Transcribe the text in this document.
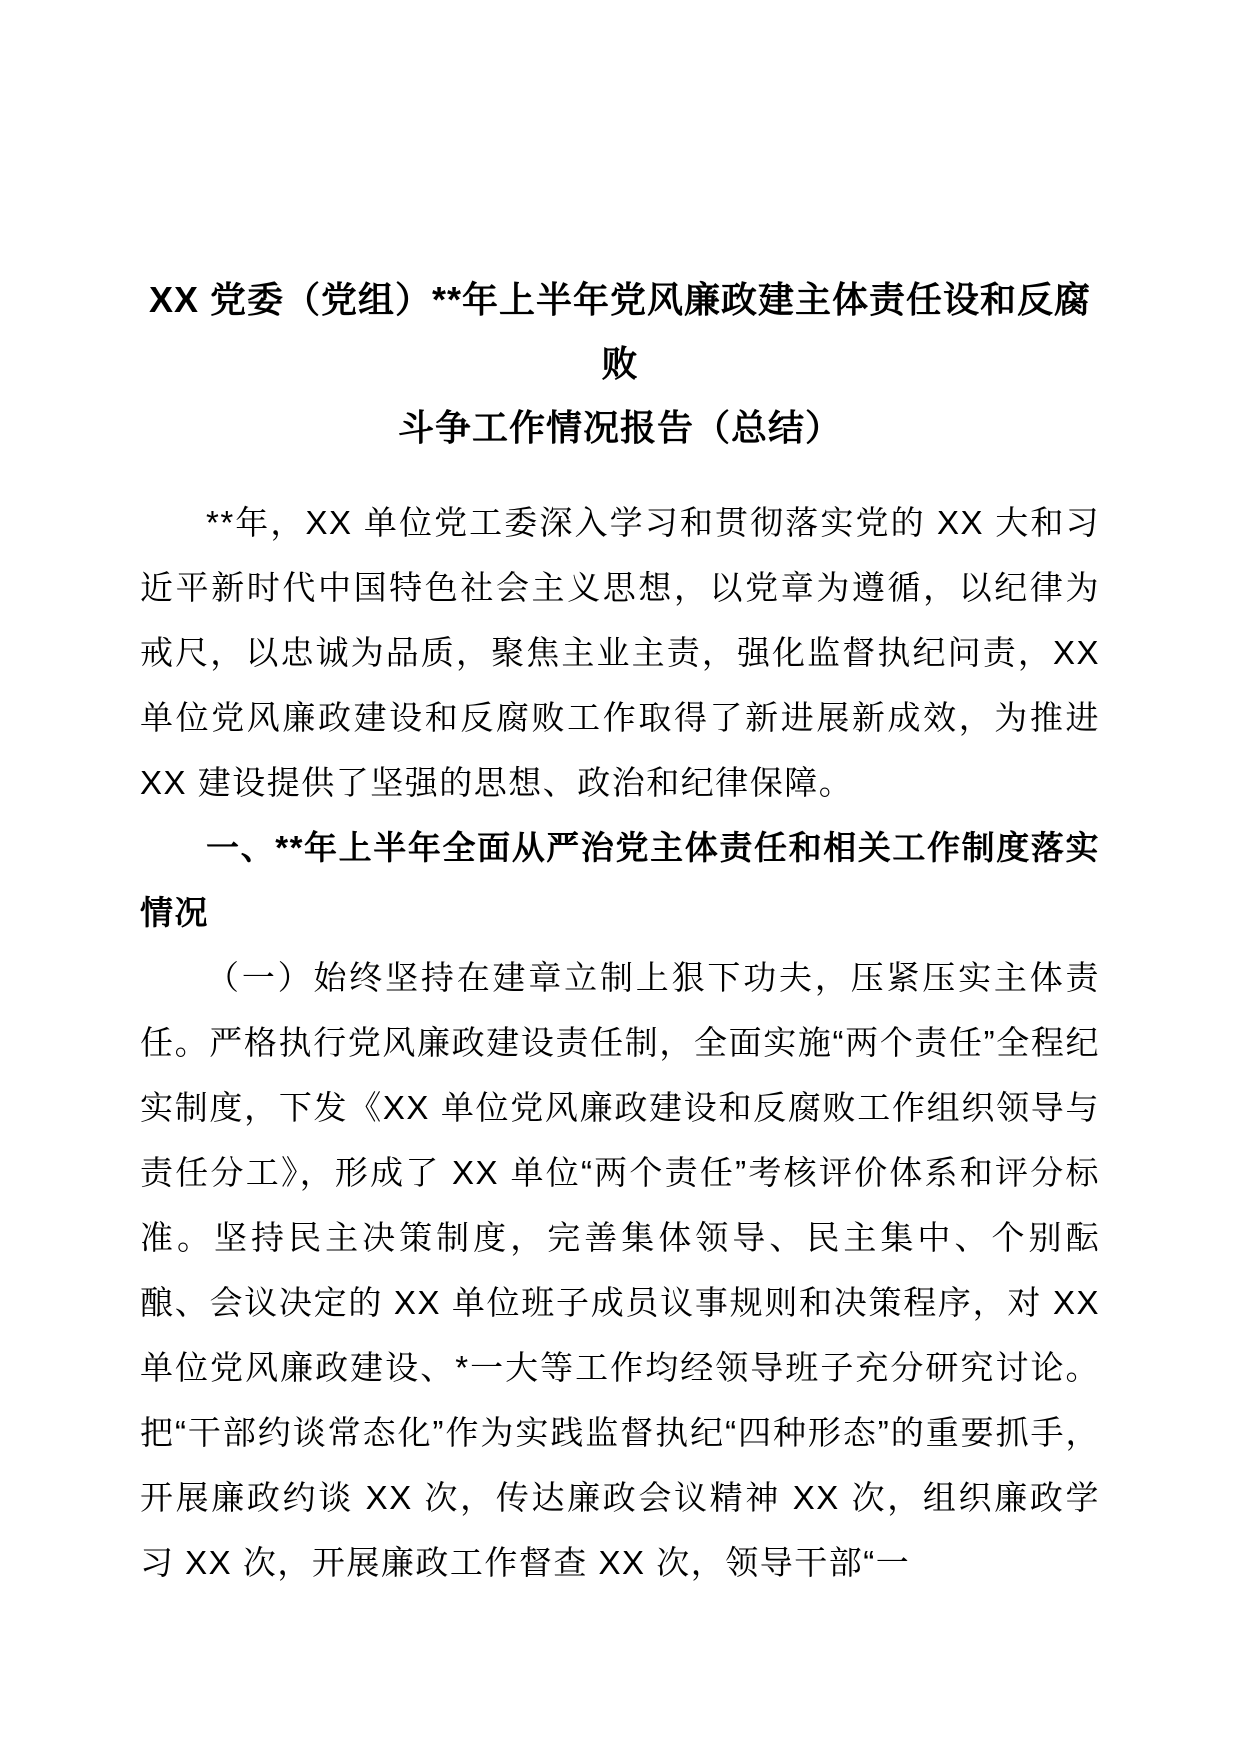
XX 党委（党组）**年上半年党风廉政建主体责任设和反腐败
斗争工作情况报告（总结）

**年，XX 单位党工委深入学习和贯彻落实党的 XX 大和习近平新时代中国特色社会主义思想，以党章为遵循，以纪律为戒尺，以忠诚为品质，聚焦主业主责，强化监督执纪问责，XX 单位党风廉政建设和反腐败工作取得了新进展新成效，为推进 XX 建设提供了坚强的思想、政治和纪律保障。

一、**年上半年全面从严治党主体责任和相关工作制度落实情况

（一）始终坚持在建章立制上狠下功夫，压紧压实主体责任。严格执行党风廉政建设责任制，全面实施“两个责任”全程纪实制度，下发《XX 单位党风廉政建设和反腐败工作组织领导与责任分工》，形成了 XX 单位“两个责任”考核评价体系和评分标准。坚持民主决策制度，完善集体领导、民主集中、个别酝酿、会议决定的 XX 单位班子成员议事规则和决策程序，对 XX 单位党风廉政建设、*一大等工作均经领导班子充分研究讨论。把“干部约谈常态化”作为实践监督执纪“四种形态”的重要抓手，开展廉政约谈 XX 次，传达廉政会议精神 XX 次，组织廉政学习 XX 次，开展廉政工作督查 XX 次，领导干部“一
